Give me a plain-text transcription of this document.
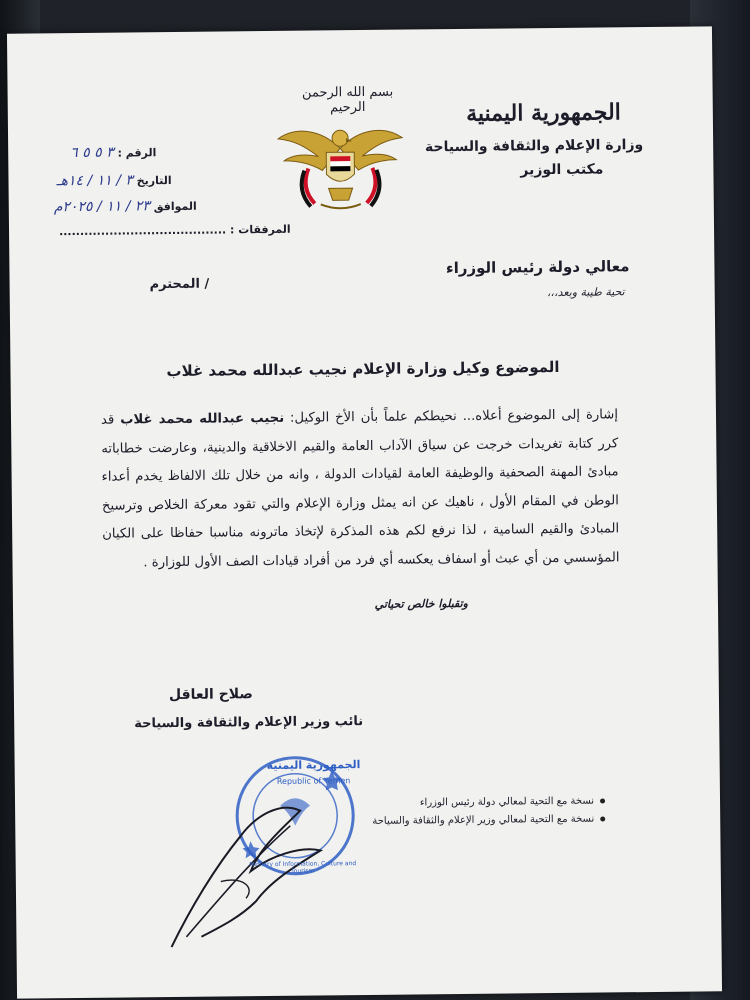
الجمهورية اليمنية
وزارة الإعلام والثقافة والسياحة
مكتب الوزير
بسم الله الرحمن الرحيم
الرقم : ٣ ٥ ٥ ٦
التاريخ ٣ / ١١ / ١٤هـ
الموافق ٢٣ / ١١ / ٢٠٢٥م
المرفقات : ........................................
معالي دولة رئيس الوزراء
تحية طيبة وبعد،،،
/ المحترم
الموضوع وكيل وزارة الإعلام نجيب عبدالله محمد غلاب

إشارة إلى الموضوع أعلاه... نحيطكم علماً بأن الأخ الوكيل: نجيب عبدالله محمد غلاب قد كرر كتابة تغريدات خرجت عن سياق الآداب العامة والقيم الاخلاقية والدينية، وعارضت خطاباته مبادئ المهنة الصحفية والوظيفة العامة لقيادات الدولة ، وانه من خلال تلك الالفاظ يخدم أعداء الوطن في المقام الأول ، ناهيك عن انه يمثل وزارة الإعلام والتي تقود معركة الخلاص وترسيخ المبادئ والقيم السامية ، لذا نرفع لكم هذه المذكرة لإتخاذ ماترونه مناسبا حفاظا على الكيان المؤسسي من أي عبث أو اسفاف يعكسه أي فرد من أفراد قيادات الصف الأول للوزارة .

وتقبلوا خالص تحياتي
صلاح العاقل
نائب وزير الإعلام والثقافة والسياحة
نسخة مع التحية لمعالي دولة رئيس الوزراء
نسخة مع التحية لمعالي وزير الإعلام والثقافة والسياحة
الجمهورية اليمنية
Republic of Yemen
Ministry of Information, Culture and Tourism
